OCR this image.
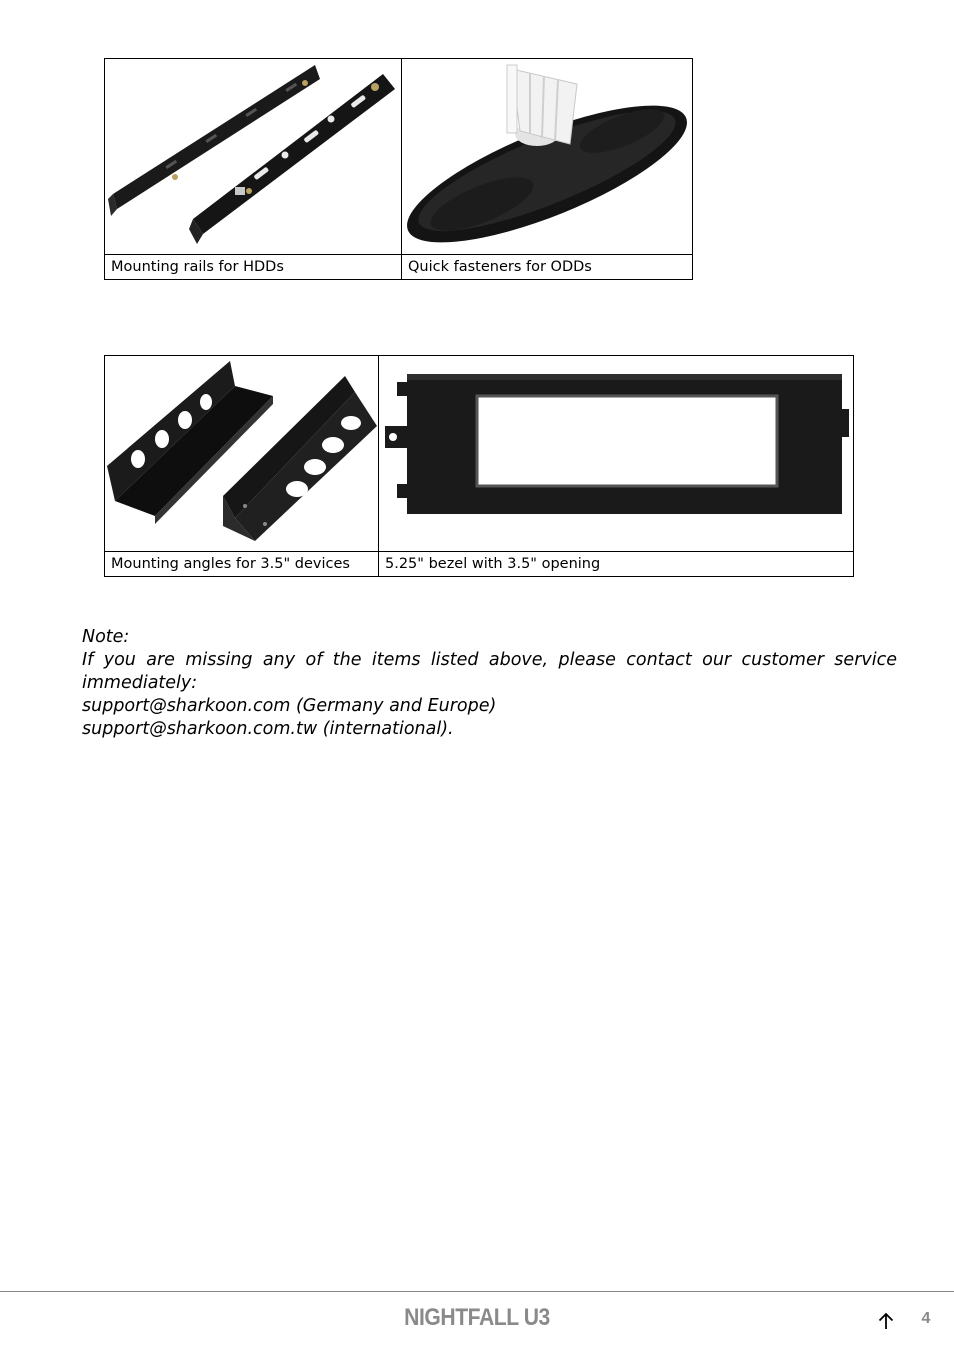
Mounting rails for HDDs	Quick fasteners for ODDs

Mounting angles for 3.5" devices	5.25" bezel with 3.5" opening
Note:
If you are missing any of the items listed above, please contact our customer service immediately:
support@sharkoon.com (Germany and Europe)
support@sharkoon.com.tw (international).
NIGHTFALL U3	4
